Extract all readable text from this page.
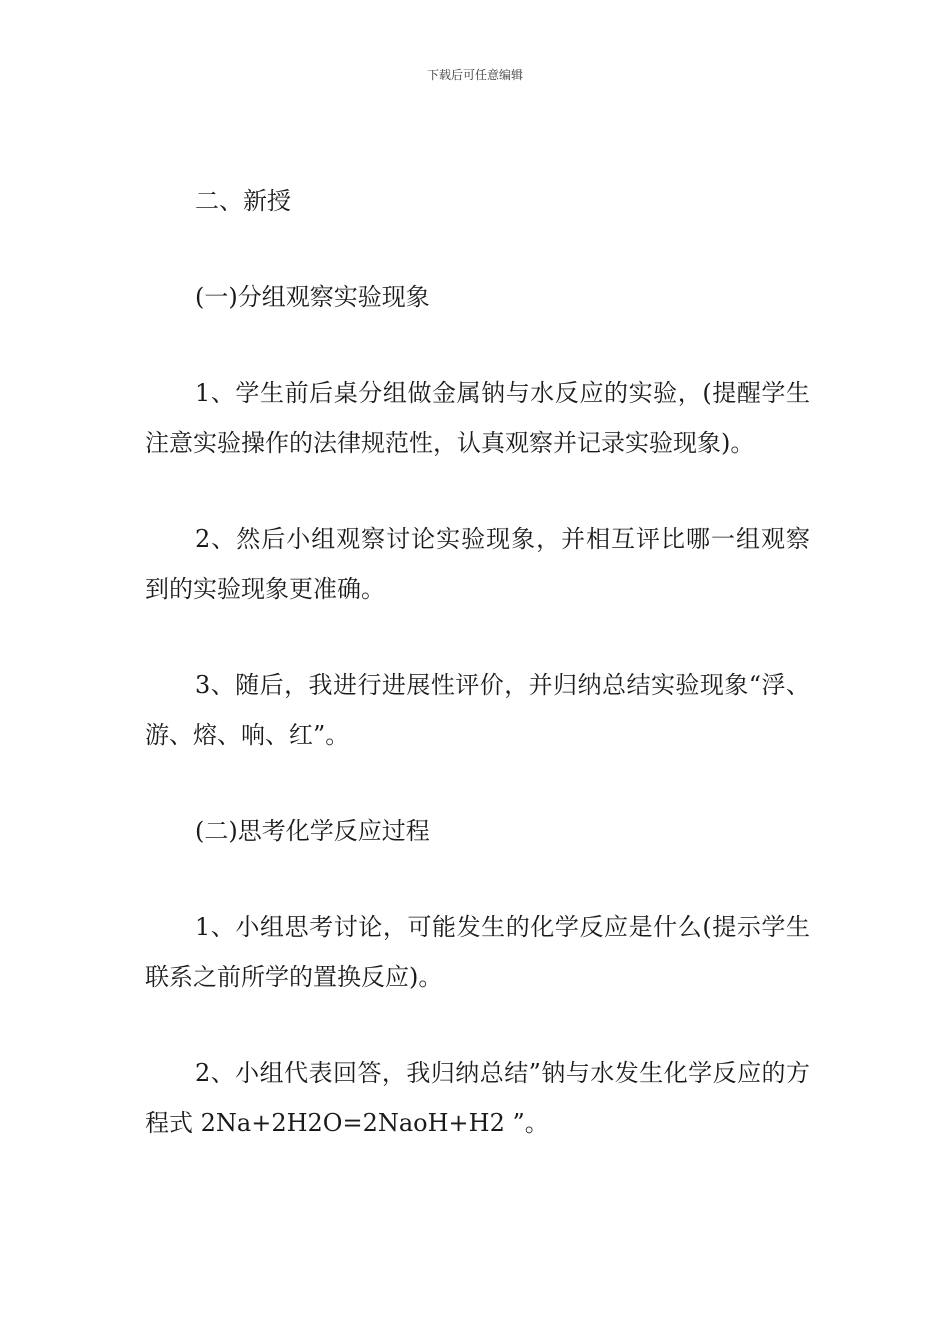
下载后可任意编辑

二、新授

(一)分组观察实验现象

1、学生前后桌分组做金属钠与水反应的实验，(提醒学生注意实验操作的法律规范性，认真观察并记录实验现象)。

2、然后小组观察讨论实验现象，并相互评比哪一组观察到的实验现象更准确。

3、随后，我进行进展性评价，并归纳总结实验现象“浮、游、熔、响、红”。

(二)思考化学反应过程

1、小组思考讨论，可能发生的化学反应是什么(提示学生联系之前所学的置换反应)。

2、小组代表回答，我归纳总结”钠与水发生化学反应的方程式 2Na+2H2O=2NaoH+H2 ”。
